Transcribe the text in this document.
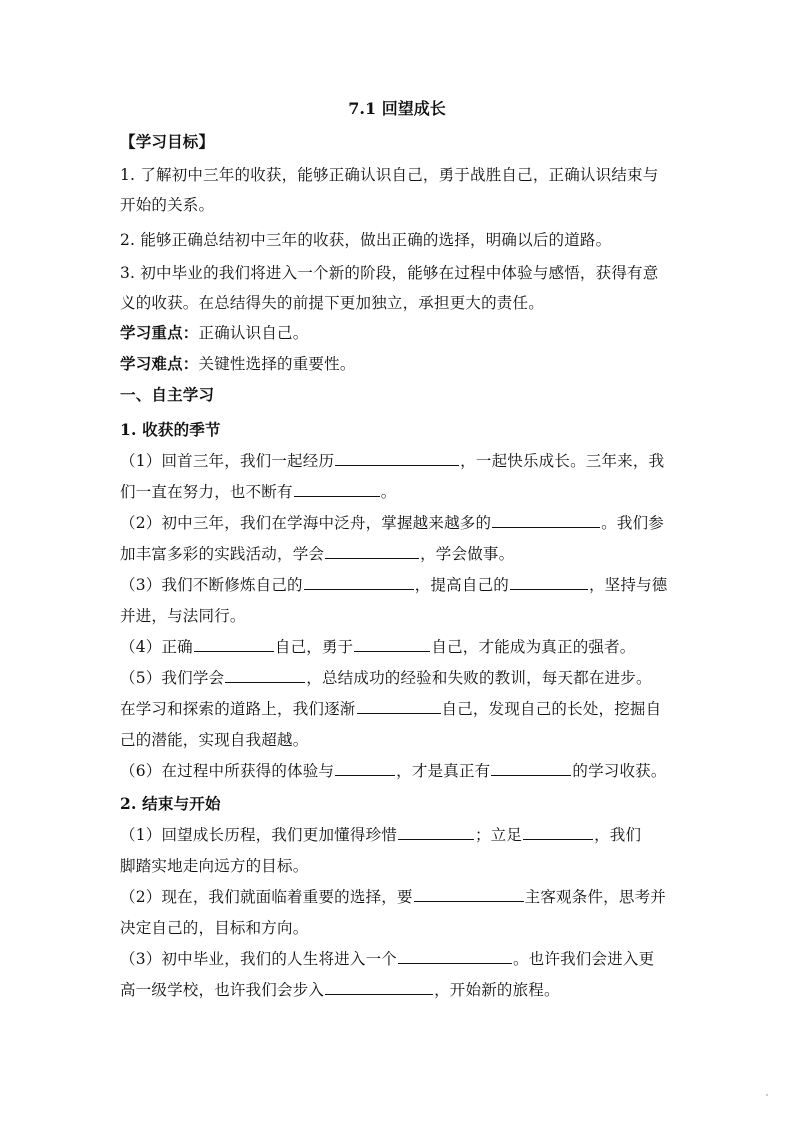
7.1 回望成长
【学习目标】
1. 了解初中三年的收获，能够正确认识自己，勇于战胜自己，正确认识结束与
开始的关系。
2. 能够正确总结初中三年的收获，做出正确的选择，明确以后的道路。
3. 初中毕业的我们将进入一个新的阶段，能够在过程中体验与感悟，获得有意
义的收获。在总结得失的前提下更加独立，承担更大的责任。
学习重点：正确认识自己。
学习难点：关键性选择的重要性。
一、自主学习
1. 收获的季节
（1）回首三年，我们一起经历	，一起快乐成长。三年来，我
们一直在努力，也不断有	。
（2）初中三年，我们在学海中泛舟，掌握越来越多的	。我们参
加丰富多彩的实践活动，学会	，学会做事。
（3）我们不断修炼自己的	，提高自己的	，坚持与德
并进，与法同行。
（4）正确	自己，勇于	自己，才能成为真正的强者。
（5）我们学会	，总结成功的经验和失败的教训，每天都在进步。
在学习和探索的道路上，我们逐渐	自己，发现自己的长处，挖掘自
己的潜能，实现自我超越。
（6）在过程中所获得的体验与	，才是真正有	的学习收获。
2. 结束与开始
（1）回望成长历程，我们更加懂得珍惜	；立足	，我们
脚踏实地走向远方的目标。
（2）现在，我们就面临着重要的选择，要	主客观条件，思考并
决定自己的，目标和方向。
（3）初中毕业，我们的人生将进入一个	。也许我们会进入更
高一级学校，也许我们会步入	，开始新的旅程。
